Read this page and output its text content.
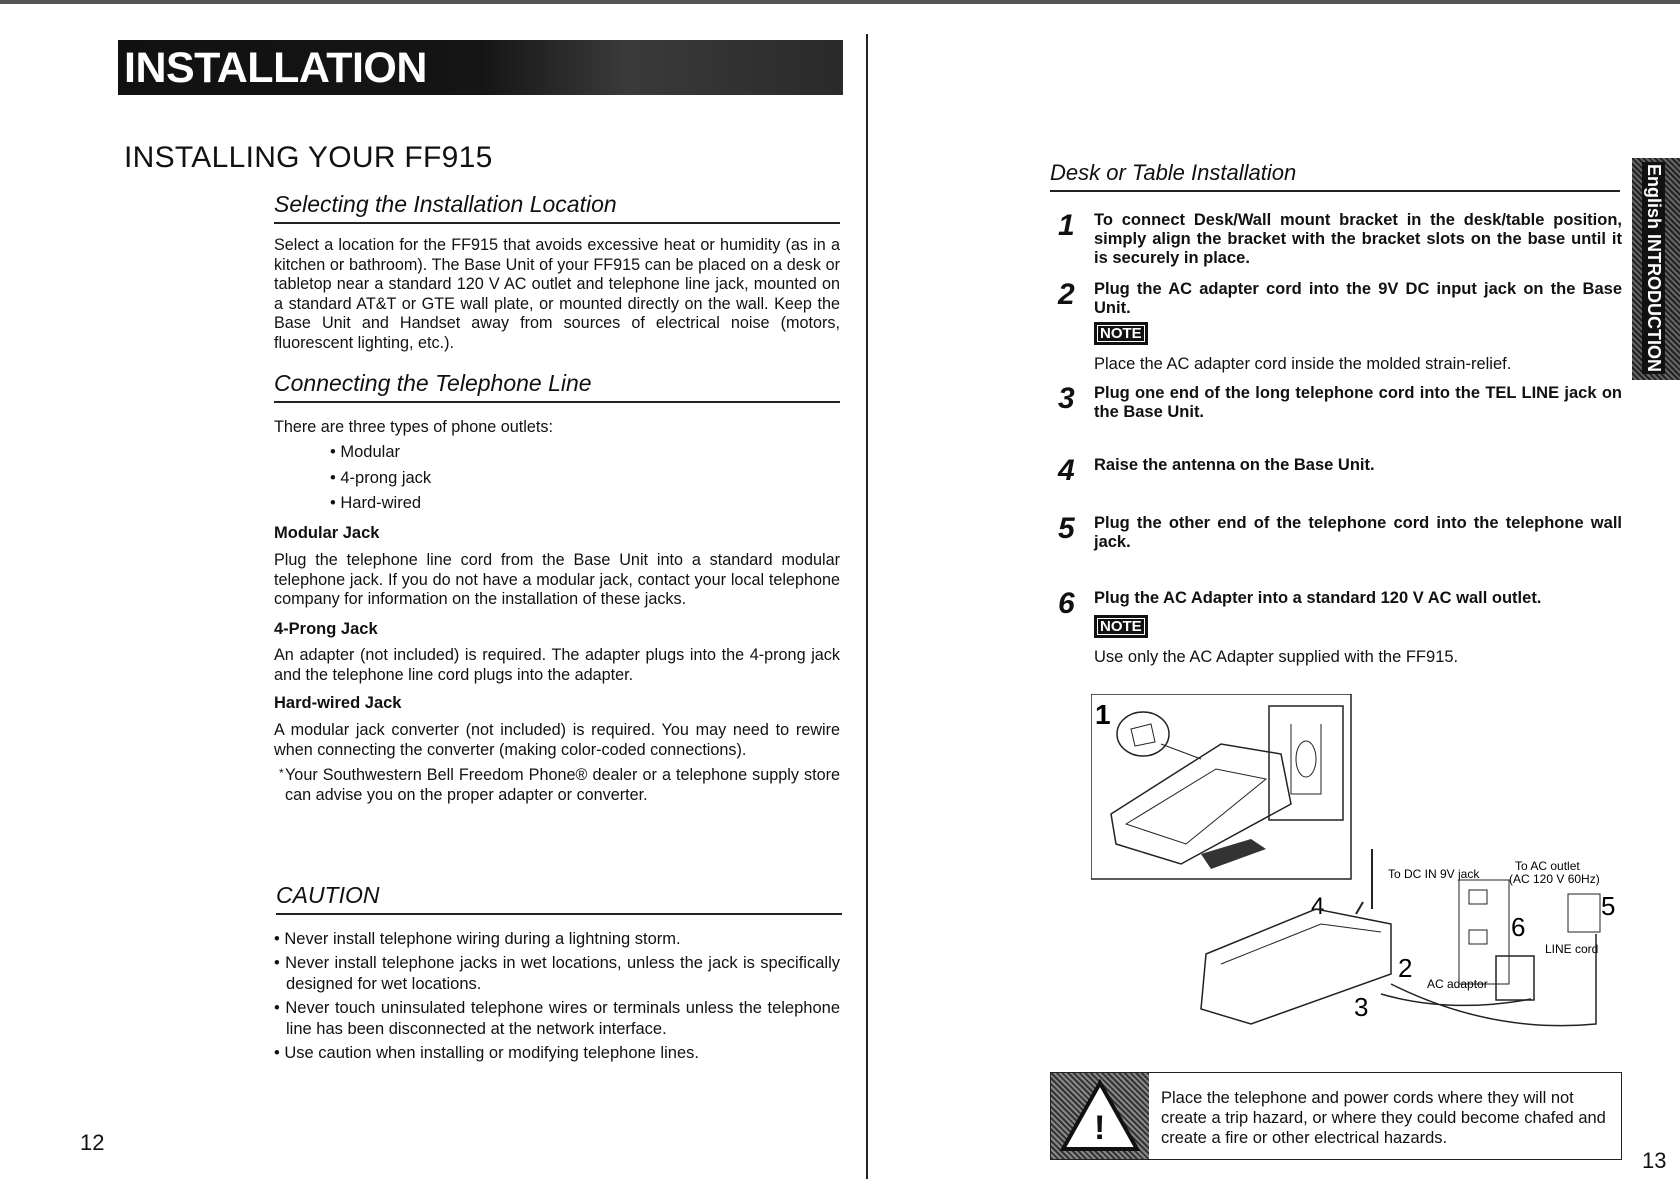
INSTALLATION
INSTALLING YOUR FF915
Selecting the Installation Location
Select a location for the FF915 that avoids excessive heat or humidity (as in a kitchen or bathroom). The Base Unit of your FF915 can be placed on a desk or tabletop near a standard 120 V AC outlet and telephone line jack, mounted on a standard AT&T or GTE wall plate, or mounted directly on the wall. Keep the Base Unit and Handset away from sources of electrical noise (motors, fluorescent lighting, etc.).
Connecting the Telephone Line
There are three types of phone outlets:
• Modular
• 4-prong jack
• Hard-wired
Modular Jack
Plug the telephone line cord from the Base Unit into a standard modular telephone jack. If you do not have a modular jack, contact your local telephone company for information on the installation of these jacks.
4-Prong Jack
An adapter (not included) is required. The adapter plugs into the 4-prong jack and the telephone line cord plugs into the adapter.
Hard-wired Jack
A modular jack converter (not included) is required. You may need to rewire when connecting the converter (making color-coded connections).
* Your Southwestern Bell Freedom Phone® dealer or a telephone supply store can advise you on the proper adapter or converter.
CAUTION
• Never install telephone wiring during a lightning storm.
• Never install telephone jacks in wet locations, unless the jack is specifically designed for wet locations.
• Never touch uninsulated telephone wires or terminals unless the telephone line has been disconnected at the network interface.
• Use caution when installing or modifying telephone lines.
12
Desk or Table Installation	English INTRODUCTION
1 To connect Desk/Wall mount bracket in the desk/table position, simply align the bracket with the bracket slots on the base until it is securely in place.
2 Plug the AC adapter cord into the 9V DC input jack on the Base Unit.
NOTE
Place the AC adapter cord inside the molded strain-relief.
3 Plug one end of the long telephone cord into the TEL LINE jack on the Base Unit.
4 Raise the antenna on the Base Unit.
5 Plug the other end of the telephone cord into the telephone wall jack.
6 Plug the AC Adapter into a standard 120 V AC wall outlet.
NOTE
Use only the AC Adapter supplied with the FF915.
1
4
To DC IN 9V jack
To AC outlet
(AC 120 V 60Hz)
2
3
6
AC adaptor
5
LINE cord
!
Place the telephone and power cords where they will not create a trip hazard, or where they could become chafed and create a fire or other electrical hazards.
13
